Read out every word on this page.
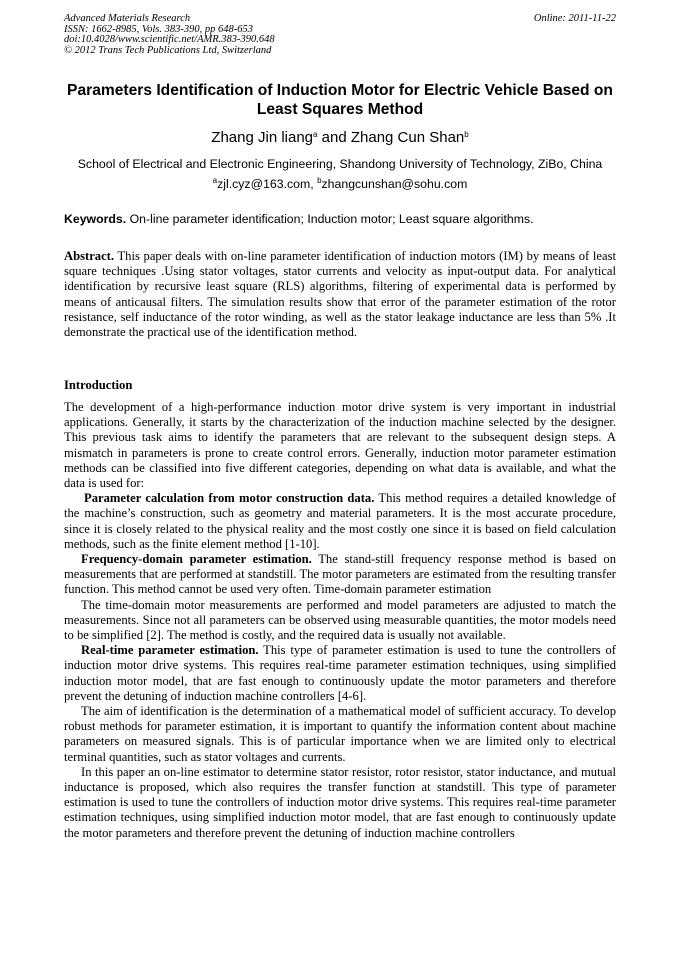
Advanced Materials Research
ISSN: 1662-8985, Vols. 383-390, pp 648-653
doi:10.4028/www.scientific.net/AMR.383-390.648
© 2012 Trans Tech Publications Ltd, Switzerland
Online: 2011-11-22
Parameters Identification of Induction Motor for Electric Vehicle Based on Least Squares Method
Zhang Jin liang$^a$ and Zhang Cun Shan$^b$
School of Electrical and Electronic Engineering, Shandong University of Technology, ZiBo, China
$^a$zjl.cyz@163.com, $^b$zhangcunshan@sohu.com
Keywords. On-line parameter identification; Induction motor; Least square algorithms.

Abstract. This paper deals with on-line parameter identification of induction motors (IM) by means of least square techniques .Using stator voltages, stator currents and velocity as input-output data. For analytical identification by recursive least square (RLS) algorithms, filtering of experimental data is performed by means of anticausal filters. The simulation results show that error of the parameter estimation of the rotor resistance, self inductance of the rotor winding, as well as the stator leakage inductance are less than 5% .It demonstrate the practical use of the identification method.

Introduction

The development of a high-performance induction motor drive system is very important in industrial applications. Generally, it starts by the characterization of the induction machine selected by the designer. This previous task aims to identify the parameters that are relevant to the subsequent design steps. A mismatch in parameters is prone to create control errors. Generally, induction motor parameter estimation methods can be classified into five different categories, depending on what data is available, and what the data is used for:

Parameter calculation from motor construction data. This method requires a detailed knowledge of the machine’s construction, such as geometry and material parameters. It is the most accurate procedure, since it is closely related to the physical reality and the most costly one since it is based on field calculation methods, such as the finite element method [1-10].

Frequency-domain parameter estimation. The stand-still frequency response method is based on measurements that are performed at standstill. The motor parameters are estimated from the resulting transfer function. This method cannot be used very often. Time-domain parameter estimation

The time-domain motor measurements are performed and model parameters are adjusted to match the measurements. Since not all parameters can be observed using measurable quantities, the motor models need to be simplified [2]. The method is costly, and the required data is usually not available.

Real-time parameter estimation. This type of parameter estimation is used to tune the controllers of induction motor drive systems. This requires real-time parameter estimation techniques, using simplified induction motor model, that are fast enough to continuously update the motor parameters and therefore prevent the detuning of induction machine controllers [4-6].

The aim of identification is the determination of a mathematical model of sufficient accuracy. To develop robust methods for parameter estimation, it is important to quantify the information content about machine parameters on measured signals. This is of particular importance when we are limited only to electrical terminal quantities, such as stator voltages and currents.

In this paper an on-line estimator to determine stator resistor, rotor resistor, stator inductance, and mutual inductance is proposed, which also requires the transfer function at standstill. This type of parameter estimation is used to tune the controllers of induction motor drive systems. This requires real-time parameter estimation techniques, using simplified induction motor model, that are fast enough to continuously update the motor parameters and therefore prevent the detuning of induction machine controllers
